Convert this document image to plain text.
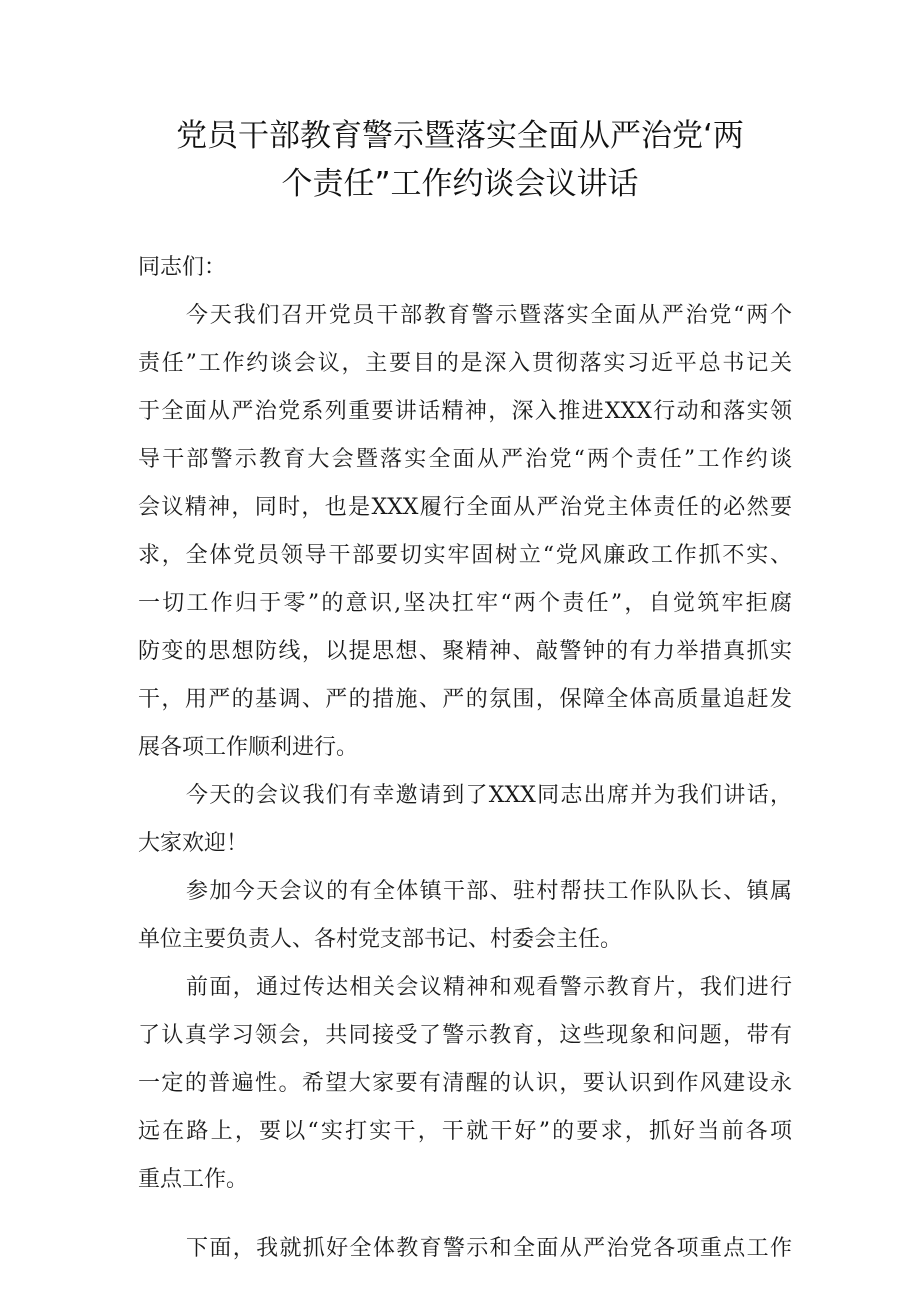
党员干部教育警示暨落实全面从严治党‘两
个责任”工作约谈会议讲话

同志们：

今天我们召开党员干部教育警示暨落实全面从严治党“两个
责任”工作约谈会议，主要目的是深入贯彻落实习近平总书记关
于全面从严治党系列重要讲话精神，深入推进XXX行动和落实领
导干部警示教育大会暨落实全面从严治党“两个责任”工作约谈
会议精神，同时，也是XXX履行全面从严治党主体责任的必然要
求，全体党员领导干部要切实牢固树立“党风廉政工作抓不实、
一切工作归于零”的意识,坚决扛牢“两个责任”，自觉筑牢拒腐
防变的思想防线，以提思想、聚精神、敲警钟的有力举措真抓实
干，用严的基调、严的措施、严的氛围，保障全体高质量追赶发
展各项工作顺利进行。

今天的会议我们有幸邀请到了XXX同志出席并为我们讲话，
大家欢迎！

参加今天会议的有全体镇干部、驻村帮扶工作队队长、镇属
单位主要负责人、各村党支部书记、村委会主任。

前面，通过传达相关会议精神和观看警示教育片，我们进行
了认真学习领会，共同接受了警示教育，这些现象和问题，带有
一定的普遍性。希望大家要有清醒的认识，要认识到作风建设永
远在路上，要以“实打实干，干就干好”的要求，抓好当前各项
重点工作。

下面，我就抓好全体教育警示和全面从严治党各项重点工作
